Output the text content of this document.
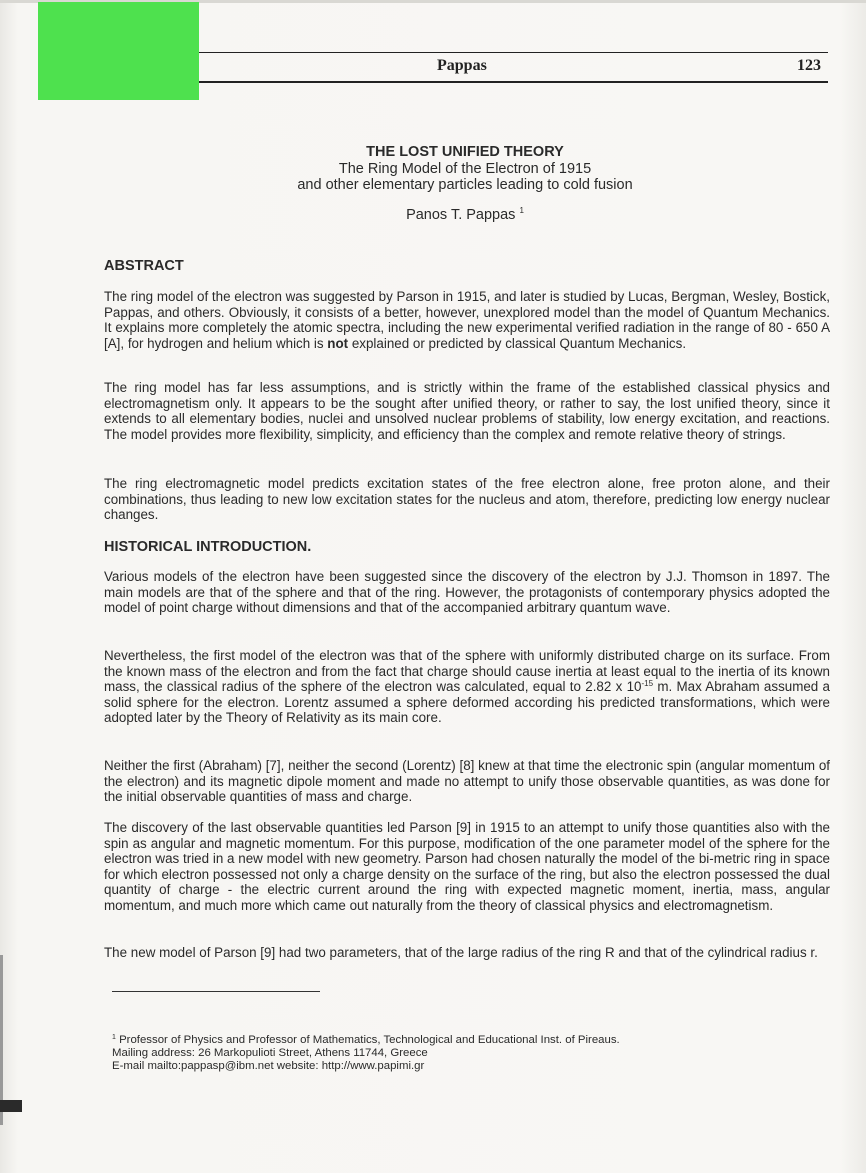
Pappas	123
THE LOST UNIFIED THEORY
The Ring Model of the Electron of 1915
and other elementary particles leading to cold fusion
Panos T. Pappas $^1$
ABSTRACT

The ring model of the electron was suggested by Parson in 1915, and later is studied by Lucas, Bergman, Wesley, Bostick, Pappas, and others. Obviously, it consists of a better, however, unexplored model than the model of Quantum Mechanics. It explains more completely the atomic spectra, including the new experimental verified radiation in the range of 80 - 650 A [A], for hydrogen and helium which is not explained or predicted by classical Quantum Mechanics.

The ring model has far less assumptions, and is strictly within the frame of the established classical physics and electromagnetism only. It appears to be the sought after unified theory, or rather to say, the lost unified theory, since it extends to all elementary bodies, nuclei and unsolved nuclear problems of stability, low energy excitation, and reactions. The model provides more flexibility, simplicity, and efficiency than the complex and remote relative theory of strings.

The ring electromagnetic model predicts excitation states of the free electron alone, free proton alone, and their combinations, thus leading to new low excitation states for the nucleus and atom, therefore, predicting low energy nuclear changes.

HISTORICAL INTRODUCTION.

Various models of the electron have been suggested since the discovery of the electron by J.J. Thomson in 1897. The main models are that of the sphere and that of the ring. However, the protagonists of contemporary physics adopted the model of point charge without dimensions and that of the accompanied arbitrary quantum wave.

Nevertheless, the first model of the electron was that of the sphere with uniformly distributed charge on its surface. From the known mass of the electron and from the fact that charge should cause inertia at least equal to the inertia of its known mass, the classical radius of the sphere of the electron was calculated, equal to 2.82 x $10^{-15}$ m. Max Abraham assumed a solid sphere for the electron. Lorentz assumed a sphere deformed according his predicted transformations, which were adopted later by the Theory of Relativity as its main core.

Neither the first (Abraham) [7], neither the second (Lorentz) [8] knew at that time the electronic spin (angular momentum of the electron) and its magnetic dipole moment and made no attempt to unify those observable quantities, as was done for the initial observable quantities of mass and charge.

The discovery of the last observable quantities led Parson [9] in 1915 to an attempt to unify those quantities also with the spin as angular and magnetic momentum. For this purpose, modification of the one parameter model of the sphere for the electron was tried in a new model with new geometry. Parson had chosen naturally the model of the bi-metric ring in space for which electron possessed not only a charge density on the surface of the ring, but also the electron possessed the dual quantity of charge - the electric current around the ring with expected magnetic moment, inertia, mass, angular momentum, and much more which came out naturally from the theory of classical physics and electromagnetism.

The new model of Parson [9] had two parameters, that of the large radius of the ring R and that of the cylindrical radius r.

$^1$ Professor of Physics and Professor of Mathematics, Technological and Educational Inst. of Pireaus.
Mailing address: 26 Markopulioti Street, Athens 11744, Greece
E-mail mailto:pappasp@ibm.net website: http://www.papimi.gr
